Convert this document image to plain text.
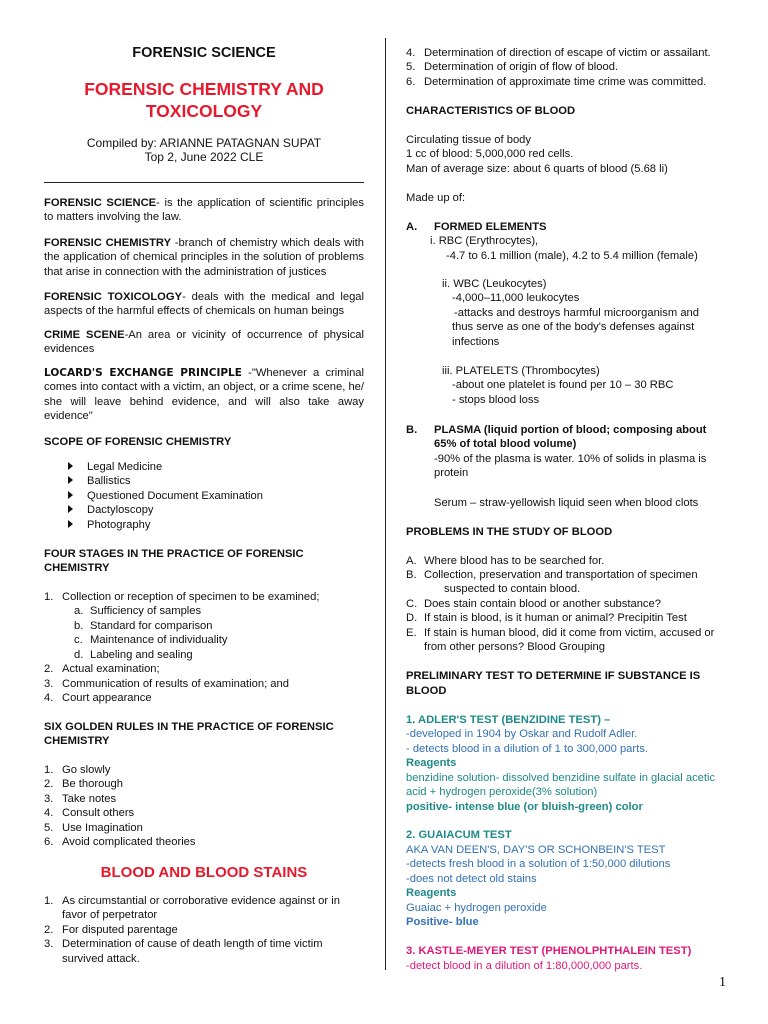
FORENSIC SCIENCE
FORENSIC CHEMISTRY AND
TOXICOLOGY
Compiled by: ARIANNE PATAGNAN SUPAT
Top 2, June 2022 CLE

FORENSIC SCIENCE- is the application of scientific principles to matters involving the law.

FORENSIC CHEMISTRY -branch of chemistry which deals with the application of chemical principles in the solution of problems that arise in connection with the administration of justices

FORENSIC TOXICOLOGY- deals with the medical and legal aspects of the harmful effects of chemicals on human beings

CRIME SCENE-An area or vicinity of occurrence of physical evidences

LOCARD'S EXCHANGE PRINCIPLE -"Whenever a criminal comes into contact with a victim, an object, or a crime scene, he/ she will leave behind evidence, and will also take away evidence"

SCOPE OF FORENSIC CHEMISTRY
Legal Medicine
Ballistics
Questioned Document Examination
Dactyloscopy
Photography
FOUR STAGES IN THE PRACTICE OF FORENSIC CHEMISTRY
1. Collection or reception of specimen to be examined;
a. Sufficiency of samples
b. Standard for comparison
c. Maintenance of individuality
d. Labeling and sealing
2. Actual examination;
3. Communication of results of examination; and
4. Court appearance
SIX GOLDEN RULES IN THE PRACTICE OF FORENSIC CHEMISTRY
1. Go slowly
2. Be thorough
3. Take notes
4. Consult others
5. Use Imagination
6. Avoid complicated theories
BLOOD AND BLOOD STAINS
1. As circumstantial or corroborative evidence against or in
favor of perpetrator
2. For disputed parentage
3. Determination of cause of death length of time victim
survived attack.
4. Determination of direction of escape of victim or assailant.
5. Determination of origin of flow of blood.
6. Determination of approximate time crime was committed.
CHARACTERISTICS OF BLOOD
Circulating tissue of body
1 cc of blood: 5,000,000 red cells.
Man of average size: about 6 quarts of blood (5.68 li)
Made up of:
A. FORMED ELEMENTS
i. RBC (Erythrocytes),
-4.7 to 6.1 million (male), 4.2 to 5.4 million (female)
ii. WBC (Leukocytes)
-4,000–11,000 leukocytes
-attacks and destroys harmful microorganism and
thus serve as one of the body's defenses against
infections
iii. PLATELETS (Thrombocytes)
-about one platelet is found per 10 – 30 RBC
- stops blood loss
B. PLASMA (liquid portion of blood; composing about
65% of total blood volume)
-90% of the plasma is water. 10% of solids in plasma is
protein
Serum – straw-yellowish liquid seen when blood clots
PROBLEMS IN THE STUDY OF BLOOD
A. Where blood has to be searched for.
B. Collection, preservation and transportation of specimen
suspected to contain blood.
C. Does stain contain blood or another substance?
D. If stain is blood, is it human or animal? Precipitin Test
E. If stain is human blood, did it come from victim, accused or
from other persons? Blood Grouping
PRELIMINARY TEST TO DETERMINE IF SUBSTANCE IS
BLOOD
1. ADLER'S TEST (BENZIDINE TEST) –
-developed in 1904 by Oskar and Rudolf Adler.
- detects blood in a dilution of 1 to 300,000 parts.
Reagents
benzidine solution- dissolved benzidine sulfate in glacial acetic
acid + hydrogen peroxide(3% solution)
positive- intense blue (or bluish-green) color
2. GUAIACUM TEST
AKA VAN DEEN'S, DAY'S OR SCHONBEIN'S TEST
-detects fresh blood in a solution of 1:50,000 dilutions
-does not detect old stains
Reagents
Guaiac + hydrogen peroxide
Positive- blue
3. KASTLE-MEYER TEST (PHENOLPHTHALEIN TEST)
-detect blood in a dilution of 1:80,000,000 parts.
1
